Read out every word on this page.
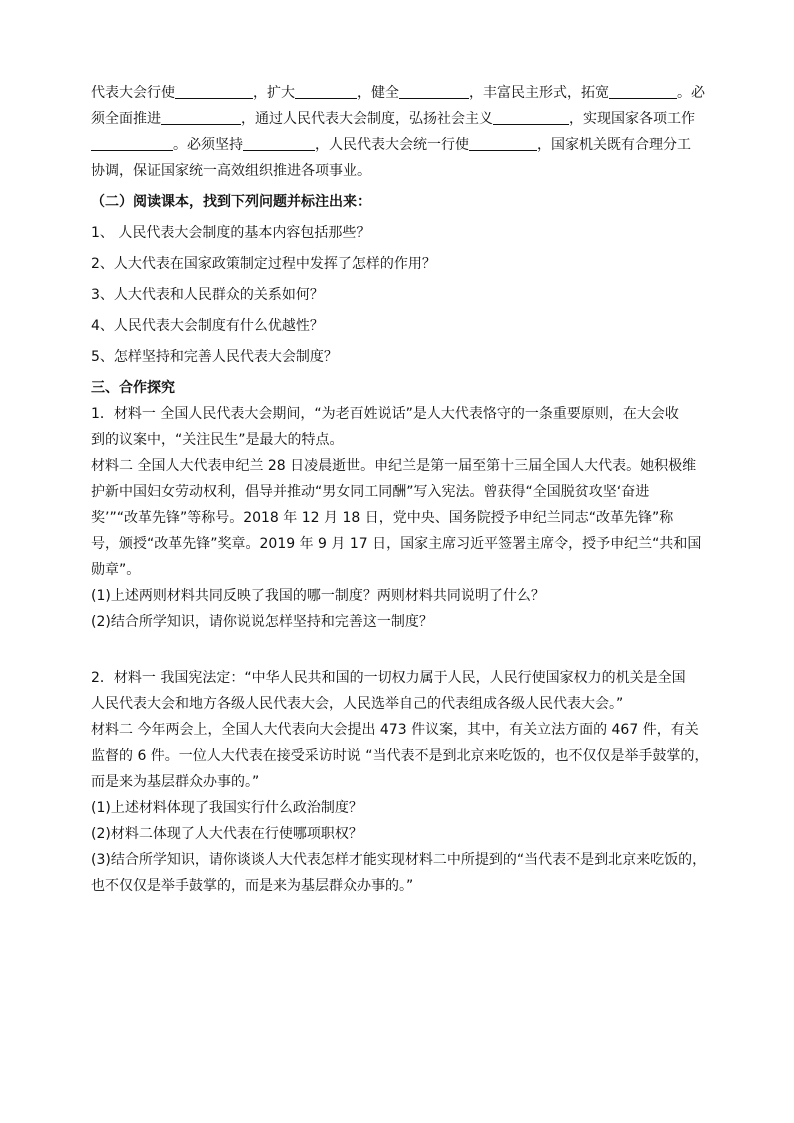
代表大会行使	，扩大	，健全	，丰富民主形式，拓宽	。必

须全面推进	，通过人民代表大会制度，弘扬社会主义	，实现国家各项工作

。必须坚持	，人民代表大会统一行使	，国家机关既有合理分工

协调，保证国家统一高效组织推进各项事业。

（二）阅读课本，找到下列问题并标注出来：

1、 人民代表大会制度的基本内容包括那些？

2、人大代表在国家政策制定过程中发挥了怎样的作用？

3、人大代表和人民群众的关系如何？

4、人民代表大会制度有什么优越性？

5、怎样坚持和完善人民代表大会制度？

三、合作探究

1．材料一 全国人民代表大会期间，“为老百姓说话”是人大代表恪守的一条重要原则，在大会收

到的议案中，“关注民生”是最大的特点。

材料二 全国人大代表申纪兰 28 日凌晨逝世。申纪兰是第一届至第十三届全国人大代表。她积极维

护新中国妇女劳动权利，倡导并推动“男女同工同酬”写入宪法。曾获得“全国脱贫攻坚‘奋进

奖’”“改革先锋”等称号。2018 年 12 月 18 日，党中央、国务院授予申纪兰同志“改革先锋”称

号，颁授“改革先锋”奖章。2019 年 9 月 17 日，国家主席习近平签署主席令，授予申纪兰“共和国

勋章”。

(1)上述两则材料共同反映了我国的哪一制度？两则材料共同说明了什么？

(2)结合所学知识，请你说说怎样坚持和完善这一制度？

2．材料一 我国宪法定：“中华人民共和国的一切权力属于人民，人民行使国家权力的机关是全国

人民代表大会和地方各级人民代表大会，人民选举自己的代表组成各级人民代表大会。”

材料二 今年两会上，全国人大代表向大会提出 473 件议案，其中，有关立法方面的 467 件，有关

监督的 6 件。一位人大代表在接受采访时说 “当代表不是到北京来吃饭的，也不仅仅是举手鼓掌的，

而是来为基层群众办事的。”

(1)上述材料体现了我国实行什么政治制度？

(2)材料二体现了人大代表在行使哪项职权？

(3)结合所学知识，请你谈谈人大代表怎样才能实现材料二中所提到的“当代表不是到北京来吃饭的，

也不仅仅是举手鼓掌的，而是来为基层群众办事的。”
